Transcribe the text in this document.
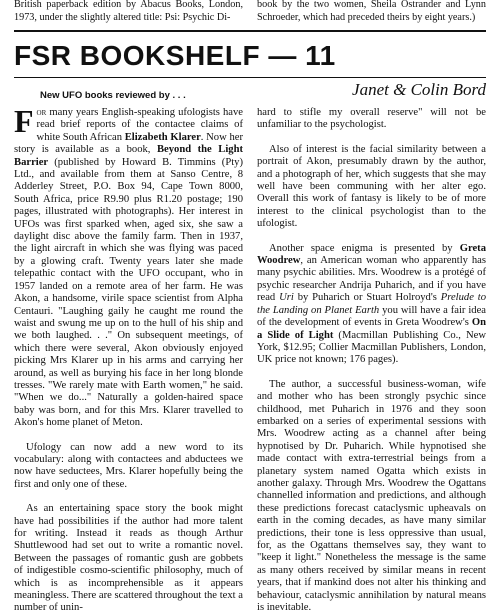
British paperback edition by Abacus Books, London, 1973, under the slightly altered title: Psi: Psychic Di-
book by the two women, Sheila Ostrander and Lynn Schroeder, which had preceded theirs by eight years.)
FSR BOOKSHELF — 11
New UFO books reviewed by . . .	Janet & Colin Bord

For many years English-speaking ufologists have read brief reports of the contactee claims of white South African Elizabeth Klarer. Now her story is available as a book, Beyond the Light Barrier (published by Howard B. Timmins (Pty) Ltd., and available from them at Sanso Centre, 8 Adderley Street, P.O. Box 94, Cape Town 8000, South Africa, price R9.90 plus R1.20 postage; 190 pages, illustrated with photographs). Her interest in UFOs was first sparked when, aged six, she saw a daylight disc above the family farm. Then in 1937, the light aircraft in which she was flying was paced by a glowing craft. Twenty years later she made telepathic contact with the UFO occupant, who in 1957 landed on a remote area of her farm. He was Akon, a handsome, virile space scientist from Alpha Centauri. "Laughing gaily he caught me round the waist and swung me up on to the hull of his ship and we both laughed. . ." On subsequent meetings, of which there were several, Akon obviously enjoyed picking Mrs Klarer up in his arms and carrying her around, as well as burying his face in her long blonde tresses. "We rarely mate with Earth women," he said. "When we do..." Naturally a golden-haired space baby was born, and for this Mrs. Klarer travelled to Akon's home planet of Meton.

Ufology can now add a new word to its vocabulary: along with contactees and abductees we now have seductees, Mrs. Klarer hopefully being the first and only one of these.

As an entertaining space story the book might have had possibilities if the author had more talent for writing. Instead it reads as though Arthur Shuttlewood had set out to write a romantic novel. Between the passages of romantic gush are gobbets of indigestible cosmo-scientific philosophy, much of which is as incomprehensible as it appears meaningless. There are scattered throughout the text a number of unin-

hard to stifle my overall reserve" will not be unfamiliar to the psychologist.

Also of interest is the facial similarity between a portrait of Akon, presumably drawn by the author, and a photograph of her, which suggests that she may well have been communing with her alter ego. Overall this work of fantasy is likely to be of more interest to the clinical psychologist than to the ufologist.

Another space enigma is presented by Greta Woodrew, an American woman who apparently has many psychic abilities. Mrs. Woodrew is a protégé of psychic researcher Andrija Puharich, and if you have read Uri by Puharich or Stuart Holroyd's Prelude to the Landing on Planet Earth you will have a fair idea of the development of events in Greta Woodrew's On a Slide of Light (Macmillan Publishing Co., New York, $12.95; Collier Macmillan Publishers, London, UK price not known; 176 pages).

The author, a successful business-woman, wife and mother who has been strongly psychic since childhood, met Puharich in 1976 and they soon embarked on a series of experimental sessions with Mrs. Woodrew acting as a channel after being hypnotised by Dr. Puharich. While hypnotised she made contact with extra-terrestrial beings from a planetary system named Ogatta which exists in another galaxy. Through Mrs. Woodrew the Ogattans channelled information and predictions, and although these predictions forecast cataclysmic upheavals on earth in the coming decades, as have many similar predictions, their tone is less oppressive than usual, for, as the Ogattans themselves say, they want to "keep it light." Nonetheless the message is the same as many others received by similar means in recent years, that if mankind does not alter his thinking and behaviour, cataclysmic annihilation by natural means is inevitable.
